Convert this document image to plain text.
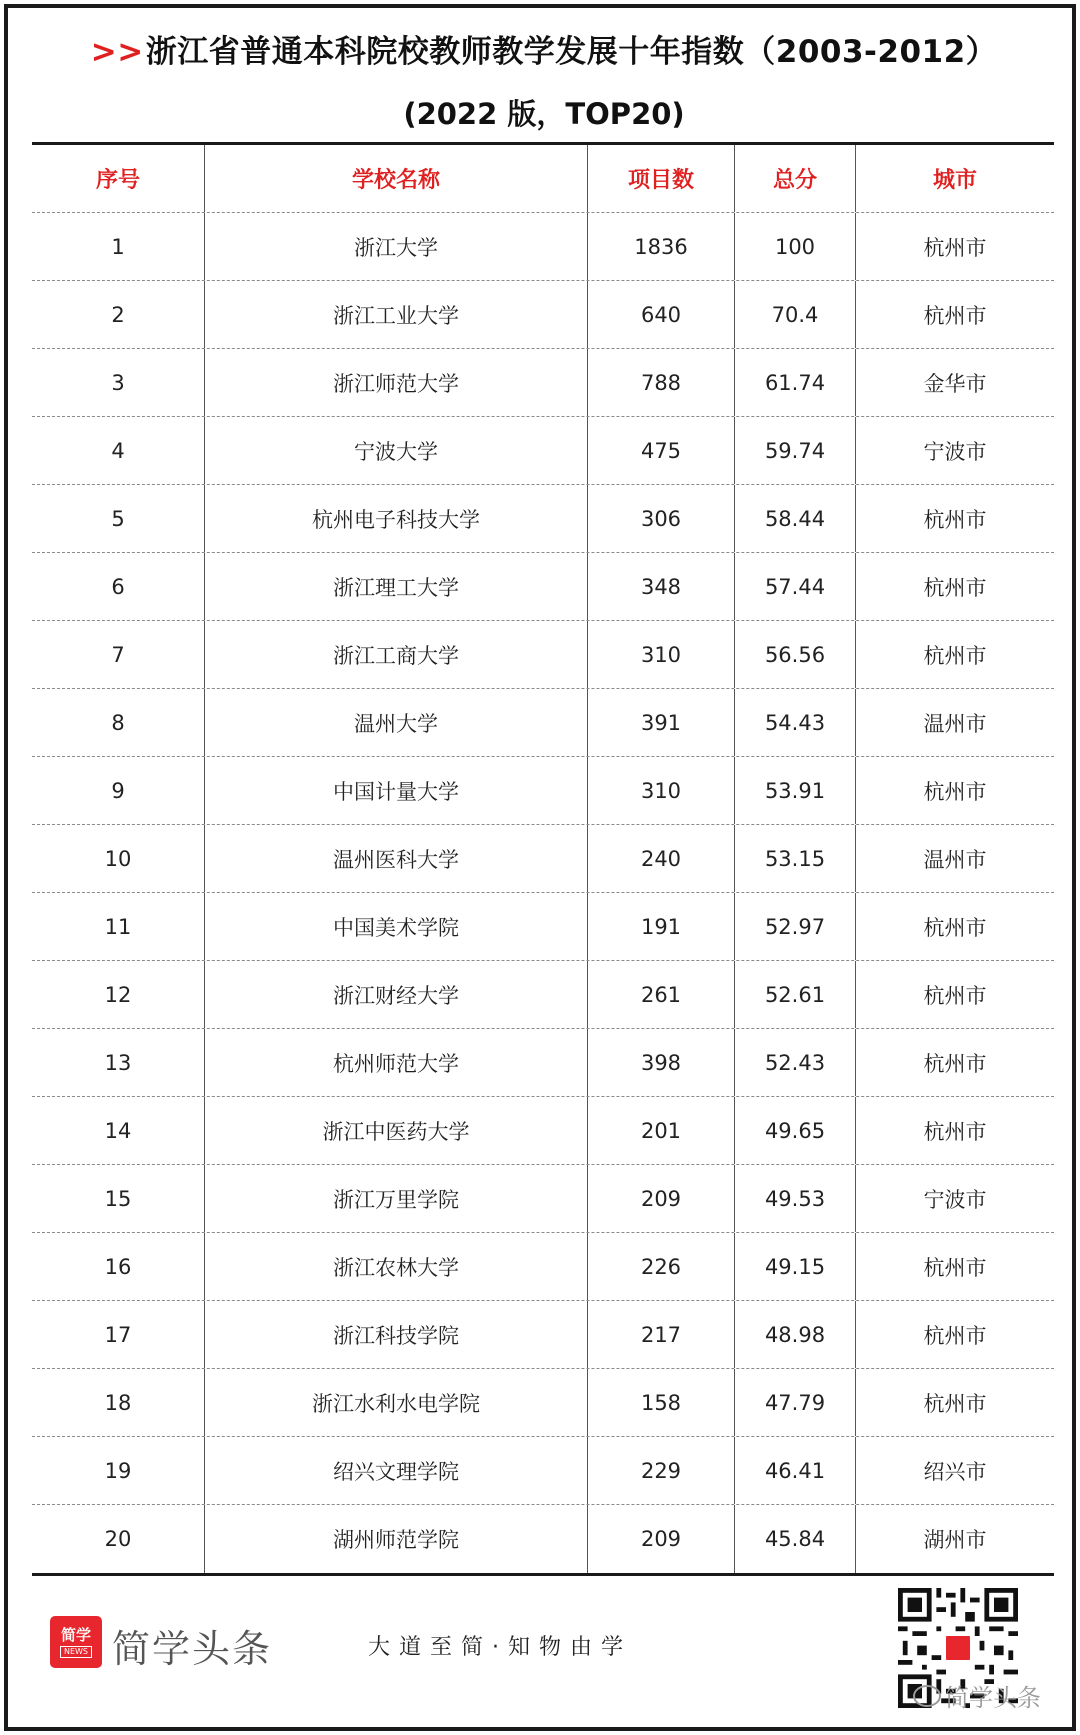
>>浙江省普通本科院校教师教学发展十年指数（2003-2012）
(2022 版，TOP20)
序号	学校名称	项目数	总分	城市
1	浙江大学	1836	100	杭州市
2	浙江工业大学	640	70.4	杭州市
3	浙江师范大学	788	61.74	金华市
4	宁波大学	475	59.74	宁波市
5	杭州电子科技大学	306	58.44	杭州市
6	浙江理工大学	348	57.44	杭州市
7	浙江工商大学	310	56.56	杭州市
8	温州大学	391	54.43	温州市
9	中国计量大学	310	53.91	杭州市
10	温州医科大学	240	53.15	温州市
11	中国美术学院	191	52.97	杭州市
12	浙江财经大学	261	52.61	杭州市
13	杭州师范大学	398	52.43	杭州市
14	浙江中医药大学	201	49.65	杭州市
15	浙江万里学院	209	49.53	宁波市
16	浙江农林大学	226	49.15	杭州市
17	浙江科技学院	217	48.98	杭州市
18	浙江水利水电学院	158	47.79	杭州市
19	绍兴文理学院	229	46.41	绍兴市
20	湖州师范学院	209	45.84	湖州市
简学
NEWS 简学头条	大道至简·知物由学
简学头条
